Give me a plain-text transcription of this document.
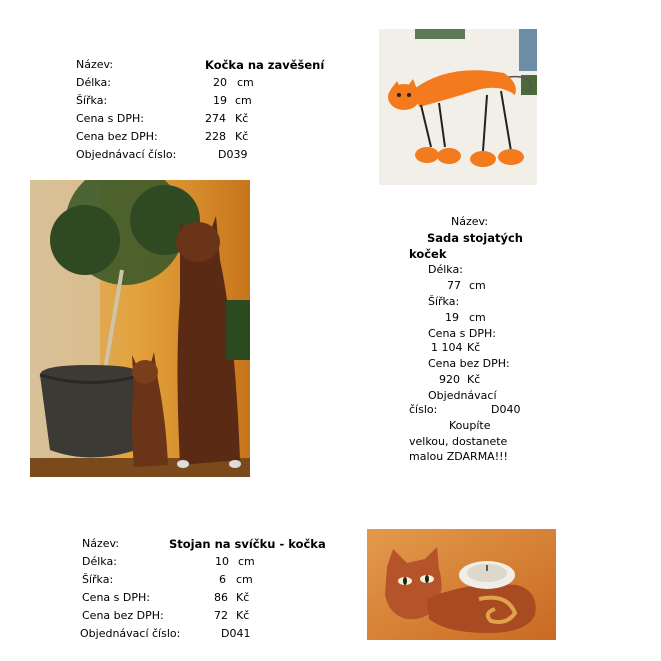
Název:	Kočka na zavěšení
Délka:	20 cm
Šířka:	19 cm
Cena s DPH:	274 Kč
Cena bez DPH:	228 Kč
Objednávací číslo:	D039
Název:
Sada stojatých
koček
Délka:
77 cm
Šířka:
19 cm
Cena s DPH:
1 104 Kč
Cena bez DPH:
920 Kč
Objednávací
číslo:	D040
Koupíte
velkou, dostanete
malou ZDARMA!!!
Název:	Stojan na svíčku - kočka
Délka:	10 cm
Šířka:	6 cm
Cena s DPH:	86 Kč
Cena bez DPH:	72 Kč
Objednávací číslo:	D041
